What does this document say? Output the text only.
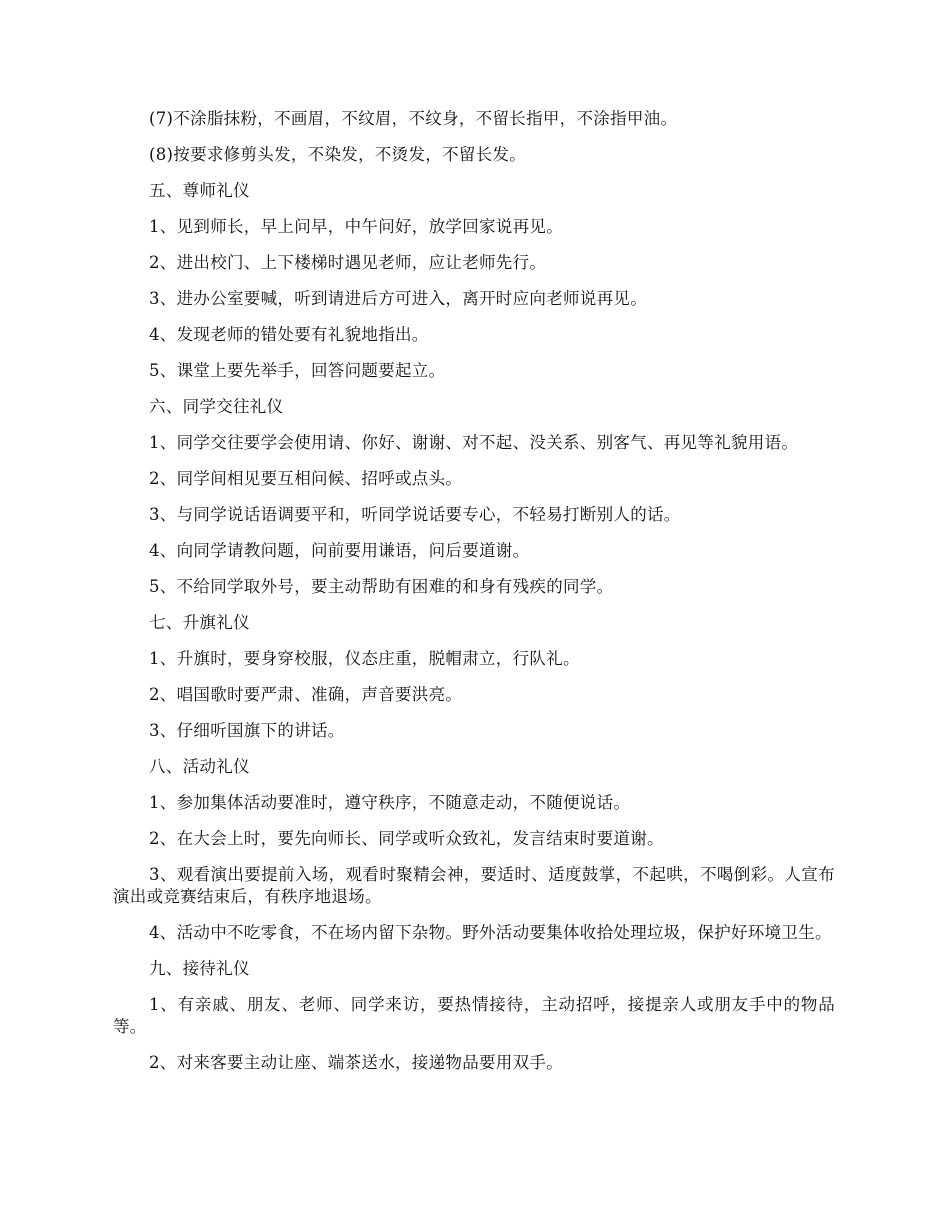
(7)不涂脂抹粉，不画眉，不纹眉，不纹身，不留长指甲，不涂指甲油。

(8)按要求修剪头发，不染发，不烫发，不留长发。

五、尊师礼仪

1、见到师长，早上问早，中午问好，放学回家说再见。

2、进出校门、上下楼梯时遇见老师，应让老师先行。

3、进办公室要喊，听到请进后方可进入，离开时应向老师说再见。

4、发现老师的错处要有礼貌地指出。

5、课堂上要先举手，回答问题要起立。

六、同学交往礼仪

1、同学交往要学会使用请、你好、谢谢、对不起、没关系、别客气、再见等礼貌用语。

2、同学间相见要互相问候、招呼或点头。

3、与同学说话语调要平和，听同学说话要专心，不轻易打断别人的话。

4、向同学请教问题，问前要用谦语，问后要道谢。

5、不给同学取外号，要主动帮助有困难的和身有残疾的同学。

七、升旗礼仪

1、升旗时，要身穿校服，仪态庄重，脱帽肃立，行队礼。

2、唱国歌时要严肃、准确，声音要洪亮。

3、仔细听国旗下的讲话。

八、活动礼仪

1、参加集体活动要准时，遵守秩序，不随意走动，不随便说话。

2、在大会上时，要先向师长、同学或听众致礼，发言结束时要道谢。

3、观看演出要提前入场，观看时聚精会神，要适时、适度鼓掌，不起哄，不喝倒彩。人宣布演出或竞赛结束后，有秩序地退场。

4、活动中不吃零食，不在场内留下杂物。野外活动要集体收拾处理垃圾，保护好环境卫生。

九、接待礼仪

1、有亲戚、朋友、老师、同学来访，要热情接待，主动招呼，接提亲人或朋友手中的物品等。

2、对来客要主动让座、端茶送水，接递物品要用双手。
